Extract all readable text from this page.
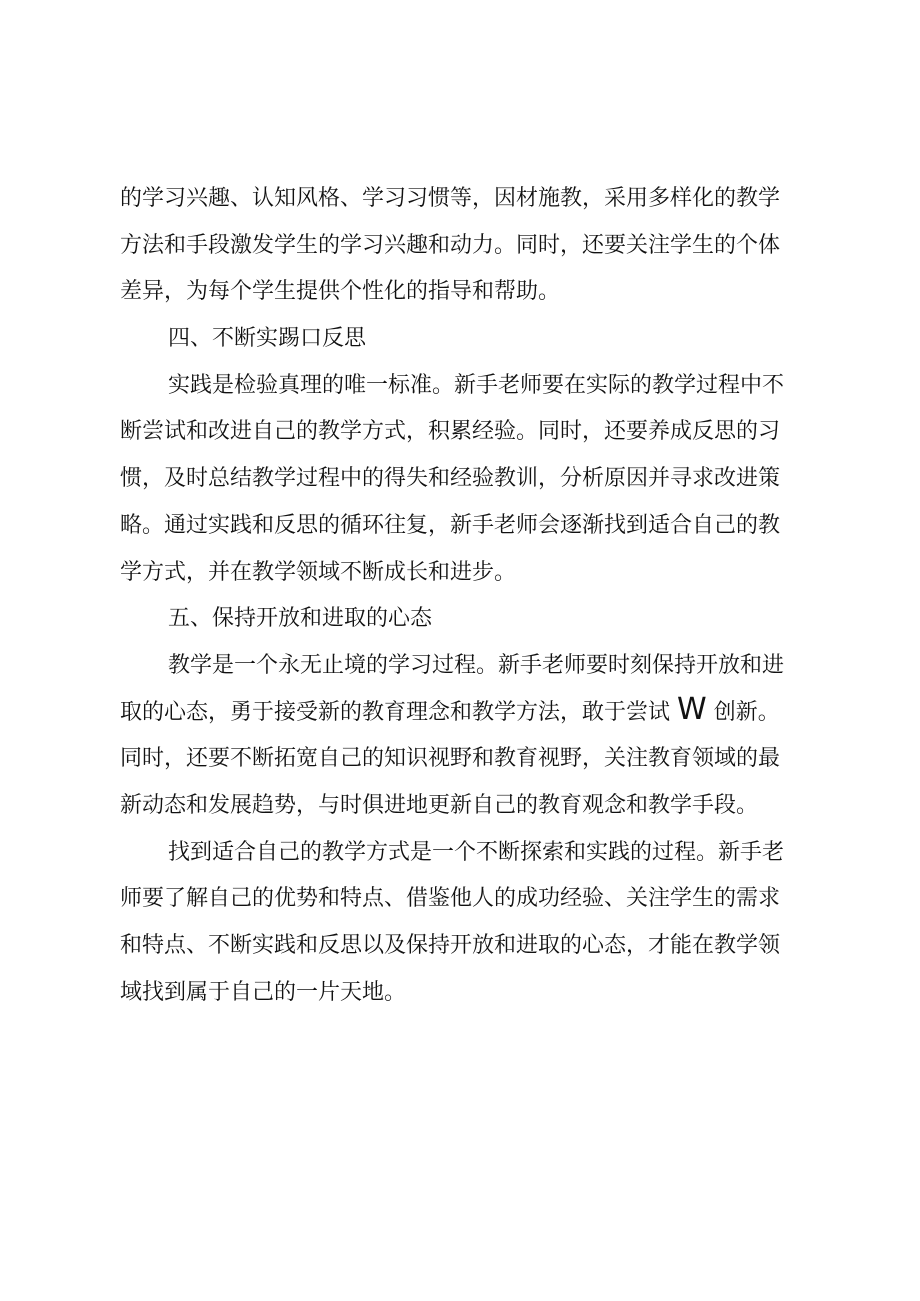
的学习兴趣、认知风格、学习习惯等，因材施教，采用多样化的教学
方法和手段激发学生的学习兴趣和动力。同时，还要关注学生的个体
差异，为每个学生提供个性化的指导和帮助。

四、不断实踢口反思

实践是检验真理的唯一标准。新手老师要在实际的教学过程中不
断尝试和改进自己的教学方式，积累经验。同时，还要养成反思的习
惯，及时总结教学过程中的得失和经验教训，分析原因并寻求改进策
略。通过实践和反思的循环往复，新手老师会逐渐找到适合自己的教
学方式，并在教学领域不断成长和进步。

五、保持开放和进取的心态

教学是一个永无止境的学习过程。新手老师要时刻保持开放和进
取的心态，勇于接受新的教育理念和教学方法，敢于尝试 W 创新。
同时，还要不断拓宽自己的知识视野和教育视野，关注教育领域的最
新动态和发展趋势，与时俱进地更新自己的教育观念和教学手段。

找到适合自己的教学方式是一个不断探索和实践的过程。新手老
师要了解自己的优势和特点、借鉴他人的成功经验、关注学生的需求
和特点、不断实践和反思以及保持开放和进取的心态，才能在教学领
域找到属于自己的一片天地。
